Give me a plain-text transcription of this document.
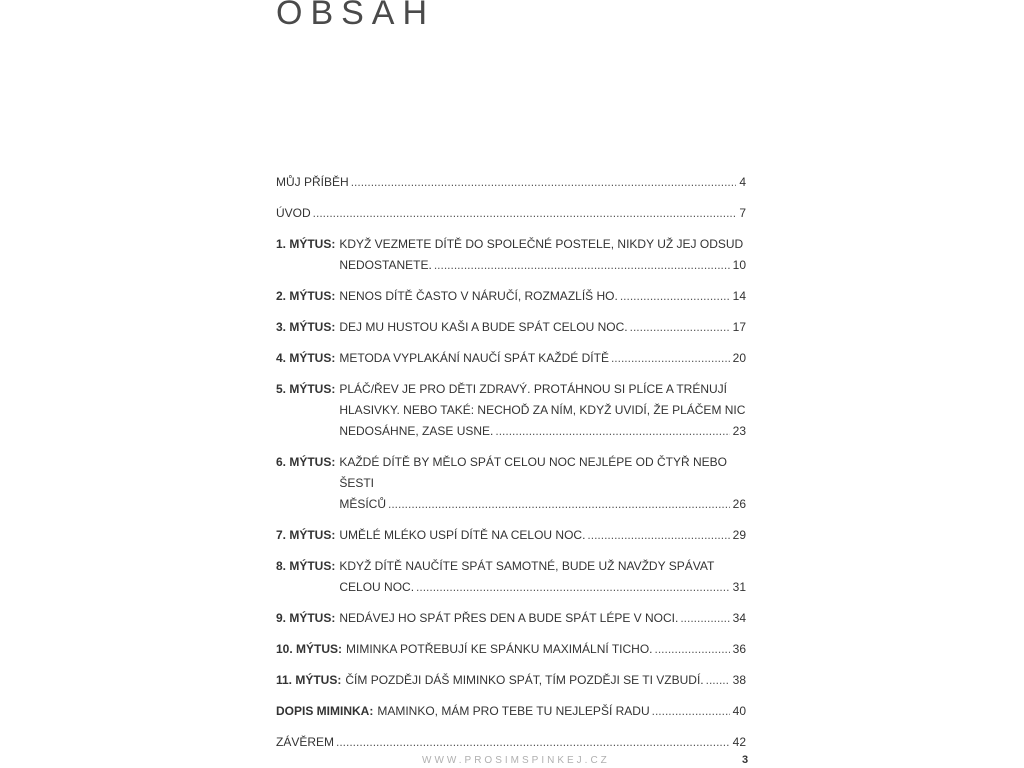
OBSAH
MŮJ PŘÍBĚH .....	4
ÚVOD .....	7
1. MÝTUS: KDYŽ VEZMETE DÍTĚ DO SPOLEČNÉ POSTELE, NIKDY UŽ JEJ ODSUD
NEDOSTANETE. .....	10
2. MÝTUS: NENOS DÍTĚ ČASTO V NÁRUČÍ, ROZMAZLÍŠ HO. .....	14
3. MÝTUS: DEJ MU HUSTOU KAŠI A BUDE SPÁT CELOU NOC. .....	17
4. MÝTUS: METODA VYPLAKÁNÍ NAUČÍ SPÁT KAŽDÉ DÍTĚ .....	20
5. MÝTUS: PLÁČ/ŘEV JE PRO DĚTI ZDRAVÝ. PROTÁHNOU SI PLÍCE A TRÉNUJÍ
HLASIVKY. NEBO TAKÉ: NECHOĎ ZA NÍM, KDYŽ UVIDÍ, ŽE PLÁČEM NIC
NEDOSÁHNE, ZASE USNE. .....	23
6. MÝTUS: KAŽDÉ DÍTĚ BY MĚLO SPÁT CELOU NOC NEJLÉPE OD ČTYŘ NEBO ŠESTI
MĚSÍCŮ .....	26
7. MÝTUS: UMĚLÉ MLÉKO USPÍ DÍTĚ NA CELOU NOC. .....	29
8. MÝTUS: KDYŽ DÍTĚ NAUČÍTE SPÁT SAMOTNÉ, BUDE UŽ NAVŽDY SPÁVAT
CELOU NOC. .....	31
9. MÝTUS: NEDÁVEJ HO SPÁT PŘES DEN A BUDE SPÁT LÉPE V NOCI. .....	34
10. MÝTUS: MIMINKA POTŘEBUJÍ KE SPÁNKU MAXIMÁLNÍ TICHO. .....	36
11. MÝTUS: ČÍM POZDĚJI DÁŠ MIMINKO SPÁT, TÍM POZDĚJI SE TI VZBUDÍ. ..... 38
DOPIS MIMINKA: MAMINKO, MÁM PRO TEBE TU NEJLEPŠÍ RADU .....	40
ZÁVĚREM .....	42
WWW.PROSIMSPINKEJ.CZ	3
